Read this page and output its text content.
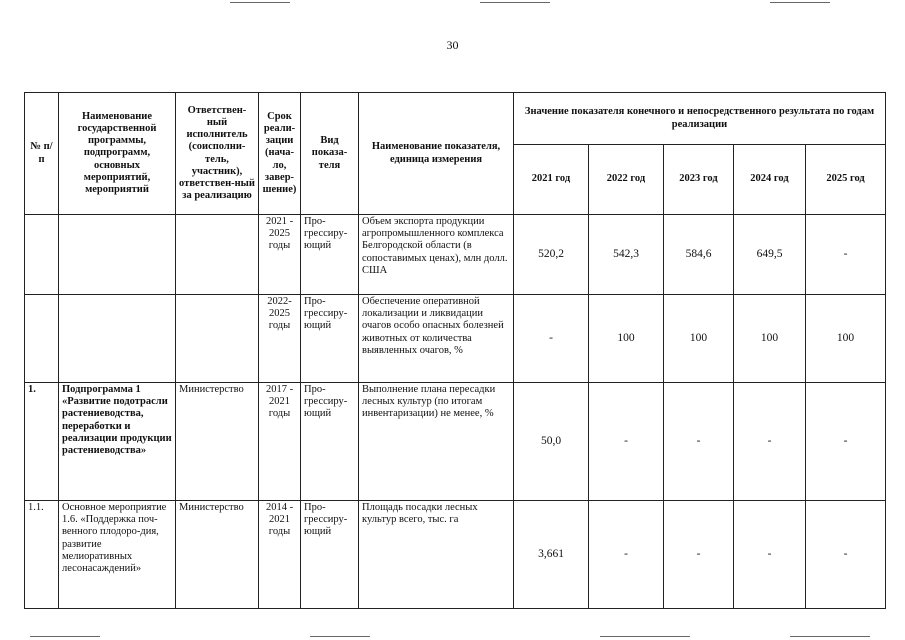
30
№ п/п	Наименование государственной программы, подпрограмм, основных мероприятий, мероприятий	Ответствен-ный исполнитель (соисполни-тель, участник), ответствен-ный за реализацию	Срок реали-зации (нача-ло, завер-шение)	Вид показа-теля	Наименование показателя, единица измерения	Значение показателя конечного и непосредственного результата по годам реализации				
						2021 год	2022 год	2023 год	2024 год	2025 год
			2021 - 2025 годы	Про-грессиру-ющий	Объем экспорта продукции агропромышленного комплекса Белгородской области (в сопоставимых ценах), млн долл. США	520,2	542,3	584,6	649,5	-
			2022- 2025 годы	Про-грессиру-ющий	Обеспечение оперативной локализации и ликвидации очагов особо опасных болезней животных от количества выявленных очагов, %	-	100	100	100	100
1.	Подпрограмма 1 «Развитие подотрасли растениеводства, переработки и реализации продукции растениеводства»	Министерство	2017 - 2021 годы	Про-грессиру-ющий	Выполнение плана пересадки лесных культур (по итогам инвентаризации) не менее, %	50,0	-	-	-	-
1.1.	Основное мероприятие 1.6. «Поддержка поч-венного плодоро-дия, развитие мелиоративных лесонасаждений»	Министерство	2014 - 2021 годы	Про-грессиру-ющий	Площадь посадки лесных культур всего, тыс. га	3,661	-	-	-	-
